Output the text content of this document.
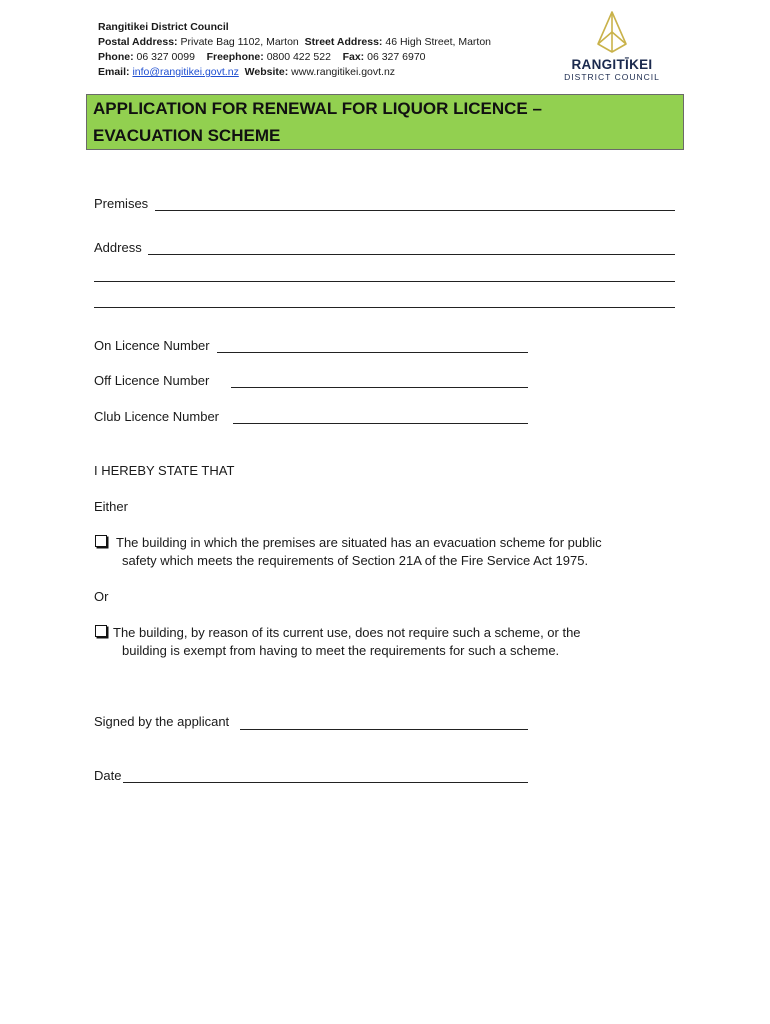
Rangitikei District Council
Postal Address: Private Bag 1102, Marton Street Address: 46 High Street, Marton
Phone: 06 327 0099 Freephone: 0800 422 522 Fax: 06 327 6970
Email: info@rangitikei.govt.nz Website: www.rangitikei.govt.nz	RANGITĪKEI
DISTRICT COUNCIL
APPLICATION FOR RENEWAL FOR LIQUOR LICENCE –
EVACUATION SCHEME
Premises
Address
On Licence Number
Off Licence Number
Club Licence Number
I HEREBY STATE THAT
Either
The building in which the premises are situated has an evacuation scheme for public
safety which meets the requirements of Section 21A of the Fire Service Act 1975.
Or
The building, by reason of its current use, does not require such a scheme, or the
building is exempt from having to meet the requirements for such a scheme.
Signed by the applicant
Date
